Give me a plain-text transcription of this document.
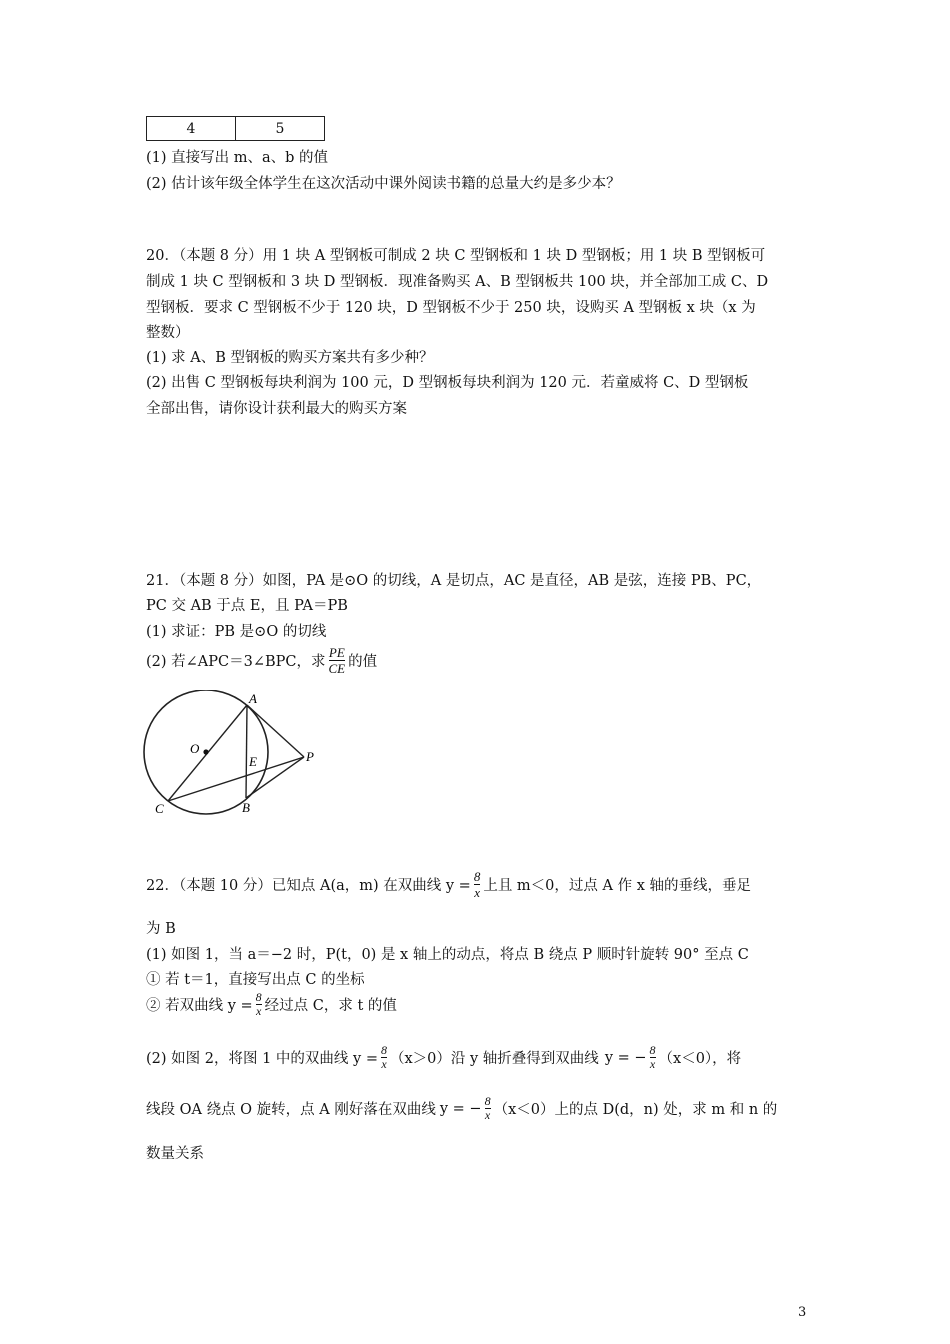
4	5
(1) 直接写出 m、a、b 的值
(2) 估计该年级全体学生在这次活动中课外阅读书籍的总量大约是多少本？
20．（本题 8 分）用 1 块 A 型钢板可制成 2 块 C 型钢板和 1 块 D 型钢板；用 1 块 B 型钢板可
制成 1 块 C 型钢板和 3 块 D 型钢板．现准备购买 A、B 型钢板共 100 块，并全部加工成 C、D
型钢板．要求 C 型钢板不少于 120 块，D 型钢板不少于 250 块，设购买 A 型钢板 x 块（x 为
整数）
(1) 求 A、B 型钢板的购买方案共有多少种？
(2) 出售 C 型钢板每块利润为 100 元，D 型钢板每块利润为 120 元．若童威将 C、D 型钢板
全部出售，请你设计获利最大的购买方案
21．（本题 8 分）如图，PA 是⊙O 的切线，A 是切点，AC 是直径，AB 是弦，连接 PB、PC，
PC 交 AB 于点 E，且 PA＝PB
(1) 求证：PB 是⊙O 的切线
(2) 若∠APC＝3∠BPC，求 $\frac{PE}{CE}$ 的值
A
O
E	P
C	B
22．（本题 10 分）已知点 A(a，m) 在双曲线 $y = \frac{8}{x}$ 上且 m＜0，过点 A 作 x 轴的垂线，垂足
为 B
(1) 如图 1，当 a＝−2 时，P(t，0) 是 x 轴上的动点，将点 B 绕点 P 顺时针旋转 90° 至点 C
① 若 t＝1，直接写出点 C 的坐标
② 若双曲线 $y = \frac{8}{x}$ 经过点 C，求 t 的值
(2) 如图 2，将图 1 中的双曲线 $y = \frac{8}{x} (x>0)$沿 y 轴折叠得到双曲线 y = − $\frac{8}{x} (x<0)$，将
线段 OA 绕点 O 旋转，点 A 刚好落在双曲线 y = − $\frac{8}{x} (x<0)$上的点 D(d，n) 处，求 m 和 n 的
数量关系
3
